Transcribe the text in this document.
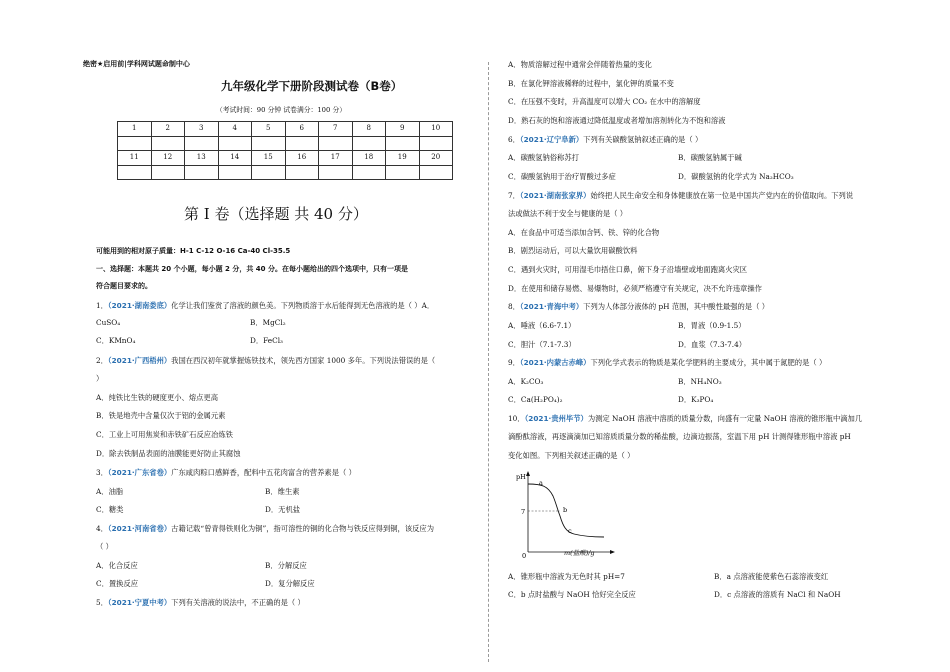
绝密★启用前|学科网试题命制中心
九年级化学下册阶段测试卷（B卷）
（考试时间：90 分钟 试卷满分：100 分）
1	2	3	4	5	6	7	8	9	10

11	12	13	14	15	16	17	18	19	20

第 I 卷（选择题 共 40 分）
可能用到的相对原子质量：H-1 C-12 O-16 Ca-40 Cl-35.5
一、选择题：本题共 20 个小题，每小题 2 分，共 40 分。在每小题给出的四个选项中，只有一项是
符合题目要求的。
1．（2021·湖南娄底）化学让我们鉴赏了溶液的颜色美。下列物质溶于水后能得到无色溶液的是（ ）A．
CuSO₄	B．MgCl₂
C．KMnO₄	D．FeCl₃
2．（2021·广西梧州）我国在西汉初年就掌握炼铁技术，领先西方国家 1000 多年。下列说法错误的是（
）
A．纯铁比生铁的硬度更小、熔点更高
B．铁是地壳中含量仅次于铝的金属元素
C．工业上可用焦炭和赤铁矿石反应冶炼铁
D．除去铁制品表面的油膜能更好防止其腐蚀
3．（2021·广东省卷）广东咸肉粽口感鲜香，配料中五花肉富含的营养素是（ ）
A．油脂	B．维生素
C．糖类	D．无机盐
4．（2021·河南省卷）古籍记载“曾青得铁则化为铜”，指可溶性的铜的化合物与铁反应得到铜，该反应为
（ ）
A．化合反应	B．分解反应
C．置换反应	D．复分解反应
5．（2021·宁夏中考）下列有关溶液的说法中，不正确的是（ ）
A．物质溶解过程中通常会伴随着热量的变化
B．在氯化钾溶液稀释的过程中，氯化钾的质量不变
C．在压强不变时，升高温度可以增大 CO₂ 在水中的溶解度
D．熟石灰的饱和溶液通过降低温度或者增加溶剂转化为不饱和溶液
6．（2021·辽宁阜新）下列有关碳酸氢钠叙述正确的是（ ）
A．碳酸氢钠俗称苏打	B．碳酸氢钠属于碱
C．碳酸氢钠用于治疗胃酸过多症	D．碳酸氢钠的化学式为 Na₂HCO₃
7．（2021·湖南张家界）始终把人民生命安全和身体健康放在第一位是中国共产党内在的价值取向。下列说
法或做法不利于安全与健康的是（ ）
A．在食品中可适当添加含钙、铁、锌的化合物
B．剧烈运动后，可以大量饮用碳酸饮料
C．遇到火灾时，可用湿毛巾捂住口鼻，俯下身子沿墙壁或地面跑离火灾区
D．在使用和储存易燃、易爆物时，必须严格遵守有关规定，决不允许违章操作
8．（2021·青海中考）下列为人体部分液体的 pH 范围，其中酸性最强的是（ ）
A．唾液（6.6-7.1）	B．胃液（0.9-1.5）
C．胆汁（7.1-7.3）	D．血浆（7.3-7.4）
9．（2021·内蒙古赤峰）下列化学式表示的物质是某化学肥料的主要成分，其中属于氮肥的是（ ）
A．K₂CO₃	B．NH₄NO₃
C．Ca(H₂PO₄)₂	D．K₃PO₄
10．（2021·贵州毕节）为测定 NaOH 溶液中溶质的质量分数，向盛有一定量 NaOH 溶液的锥形瓶中滴加几
滴酚酞溶液，再逐滴滴加已知溶质质量分数的稀盐酸，边滴边振荡，室温下用 pH 计测得锥形瓶中溶液 pH
变化如图。下列相关叙述正确的是（ ）
pH
7
0
a
b
c
m(盐酸)/g
A．锥形瓶中溶液为无色时其 pH=7	B．a 点溶液能使紫色石蕊溶液变红
C．b 点时盐酸与 NaOH 恰好完全反应	D．c 点溶液的溶质有 NaCl 和 NaOH
